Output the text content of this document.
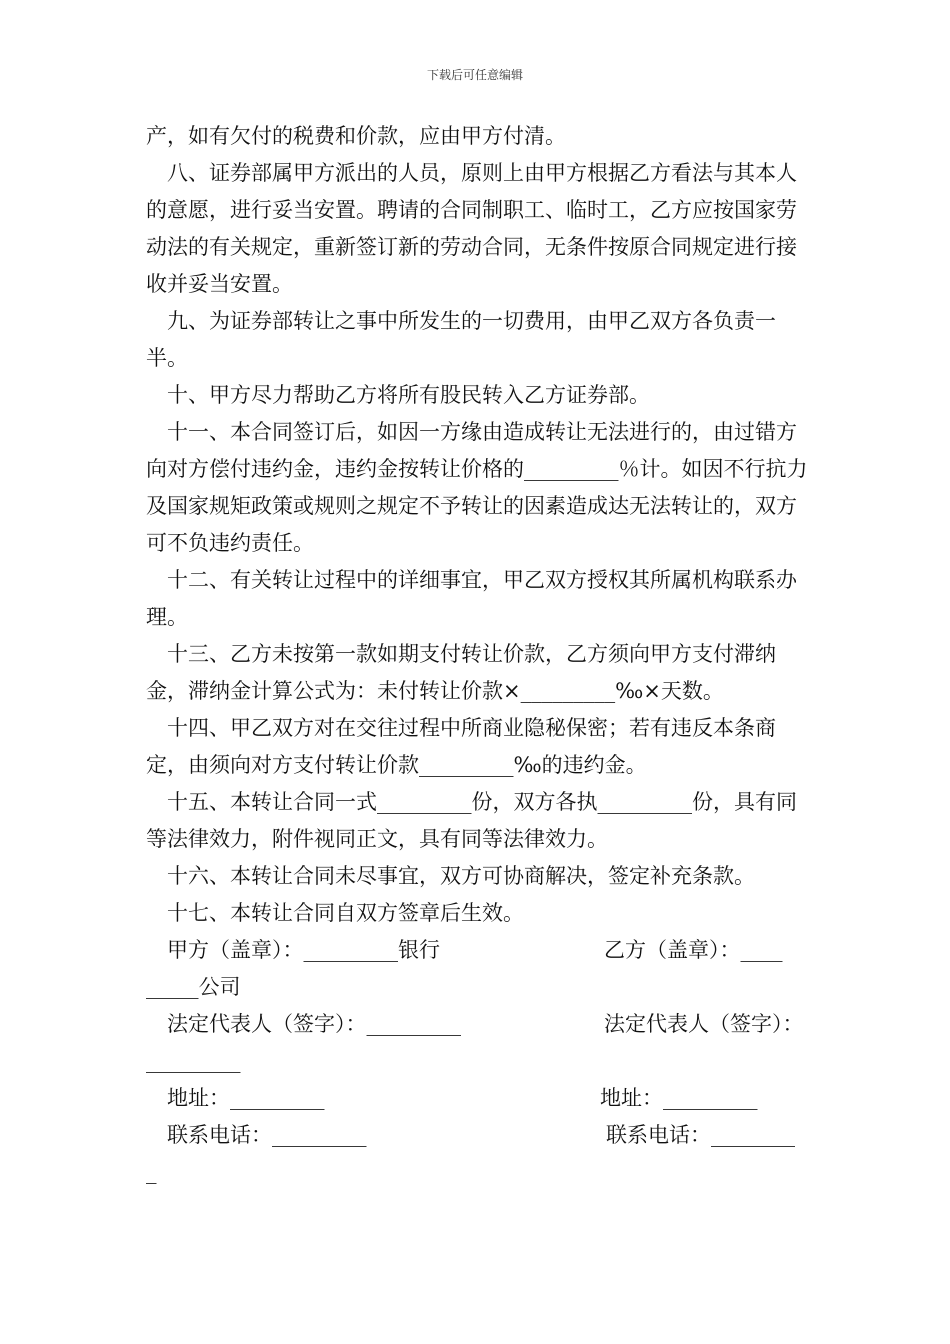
下载后可任意编辑

产，如有欠付的税费和价款，应由甲方付清。

八、证券部属甲方派出的人员，原则上由甲方根据乙方看法与其本人的意愿，进行妥当安置。聘请的合同制职工、临时工，乙方应按国家劳动法的有关规定，重新签订新的劳动合同，无条件按原合同规定进行接收并妥当安置。

九、为证券部转让之事中所发生的一切费用，由甲乙双方各负责一半。

十、甲方尽力帮助乙方将所有股民转入乙方证券部。

十一、本合同签订后，如因一方缘由造成转让无法进行的，由过错方向对方偿付违约金，违约金按转让价格的_________％计。如因不行抗力及国家规矩政策或规则之规定不予转让的因素造成达无法转让的，双方可不负违约责任。

十二、有关转让过程中的详细事宜，甲乙双方授权其所属机构联系办理。

十三、乙方未按第一款如期支付转让价款，乙方须向甲方支付滞纳金，滞纳金计算公式为：未付转让价款×_________‰×天数。

十四、甲乙双方对在交往过程中所商业隐秘保密；若有违反本条商定，由须向对方支付转让价款_________‰的违约金。

十五、本转让合同一式_________份，双方各执_________份，具有同等法律效力，附件视同正文，具有同等法律效力。

十六、本转让合同未尽事宜，双方可协商解决，签定补充条款。

十七、本转让合同自双方签章后生效。

甲方（盖章）：_________银行

	乙方（盖章）：____

_____公司

法定代表人（签字）：_________

	法定代表人（签字）：

_________

地址：_________

	地址：_________

联系电话：_________

	联系电话：________

_
